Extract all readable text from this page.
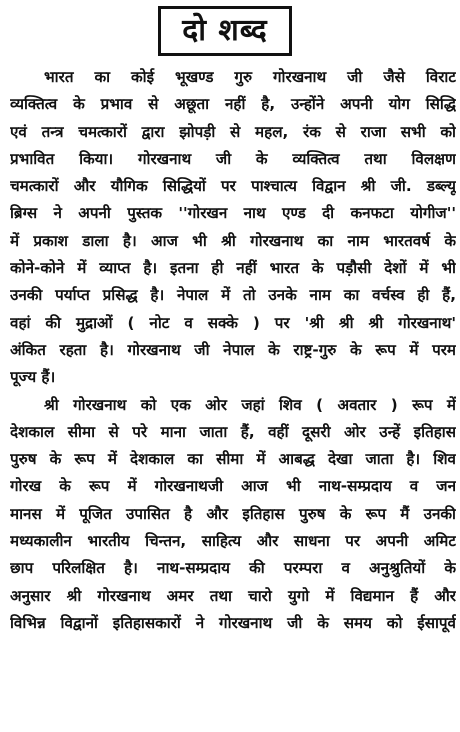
दो शब्द
भारत का कोई भूखण्ड गुरु गोरखनाथ जी जैसे विराट
व्यक्तित्व के प्रभाव से अछूता नहीं है, उन्होंने अपनी योग सिद्धि
एवं तन्त्र चमत्कारों द्वारा झोपड़ी से महल, रंक से राजा सभी को
प्रभावित किया। गोरखनाथ जी के व्यक्तित्व तथा विलक्षण
चमत्कारों और यौगिक सिद्धियों पर पाश्चात्य विद्वान श्री जी. डब्ल्यू
ब्रिग्स ने अपनी पुस्तक ''गोरखन नाथ एण्ड दी कनफटा योगीज''
में प्रकाश डाला है। आज भी श्री गोरखनाथ का नाम भारतवर्ष के
कोने-कोने में व्याप्त है। इतना ही नहीं भारत के पड़ौसी देशों में भी
उनकी पर्याप्त प्रसिद्ध है। नेपाल में तो उनके नाम का वर्चस्व ही हैं,
वहां की मुद्राओं ( नोट व सक्के ) पर 'श्री श्री श्री गोरखनाथ'
अंकित रहता है। गोरखनाथ जी नेपाल के राष्ट्र-गुरु के रूप में परम
पूज्य हैं।
श्री गोरखनाथ को एक ओर जहां शिव ( अवतार ) रूप में
देशकाल सीमा से परे माना जाता हैं, वहीं दूसरी ओर उन्हें इतिहास
पुरुष के रूप में देशकाल का सीमा में आबद्ध देखा जाता है। शिव
गोरख के रूप में गोरखनाथजी आज भी नाथ-सम्प्रदाय व जन
मानस में पूजित उपासित है और इतिहास पुरुष के रूप मैं उनकी
मध्यकालीन भारतीय चिन्तन, साहित्य और साधना पर अपनी अमिट
छाप परिलक्षित है। नाथ-सम्प्रदाय की परम्परा व अनुश्रुतियों के
अनुसार श्री गोरखनाथ अमर तथा चारो युगो में विद्यमान हैं और
विभिन्न विद्वानों इतिहासकारों ने गोरखनाथ जी के समय को ईसापूर्व
